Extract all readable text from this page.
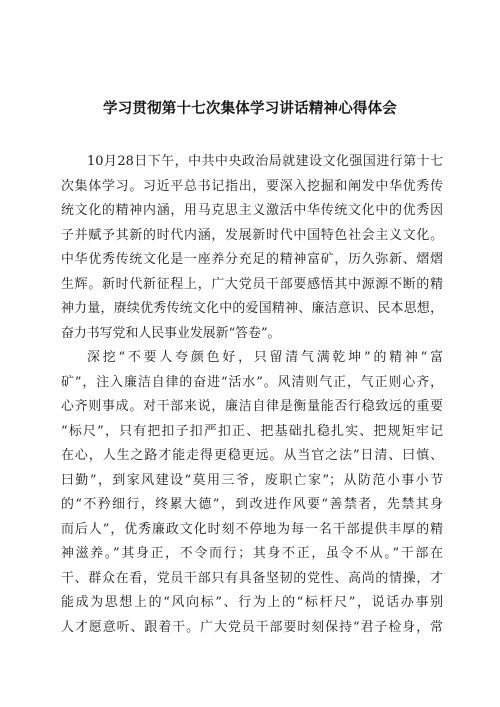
学习贯彻第十七次集体学习讲话精神心得体会
10月28日下午，中共中央政治局就建设文化强国进行第十七
次集体学习。习近平总书记指出，要深入挖掘和阐发中华优秀传
统文化的精神内涵，用马克思主义激活中华传统文化中的优秀因
子并赋予其新的时代内涵，发展新时代中国特色社会主义文化。
中华优秀传统文化是一座养分充足的精神富矿，历久弥新、熠熠
生辉。新时代新征程上，广大党员干部要感悟其中源源不断的精
神力量，赓续优秀传统文化中的爱国精神、廉洁意识、民本思想，
奋力书写党和人民事业发展新“答卷”。
深挖“不要人夸颜色好，只留清气满乾坤”的精神“富
矿”，注入廉洁自律的奋进“活水”。风清则气正，气正则心齐，
心齐则事成。对干部来说，廉洁自律是衡量能否行稳致远的重要
“标尺”，只有把扣子扣严扣正、把基础扎稳扎实、把规矩牢记
在心，人生之路才能走得更稳更远。从当官之法”日清、曰慎、
曰勤”，到家风建设“莫用三爷，废职亡家”；从防范小事小节
的“不矜细行，终累大德”，到改进作风要“善禁者，先禁其身
而后人”，优秀廉政文化时刻不停地为每一名干部提供丰厚的精
神滋养。”其身正，不令而行；其身不正，虽令不从。”干部在
干、群众在看，党员干部只有具备坚韧的党性、高尚的情操，才
能成为思想上的“风向标”、行为上的“标杆尺”，说话办事别
人才愿意听、跟着干。广大党员干部要时刻保持“君子检身，常
